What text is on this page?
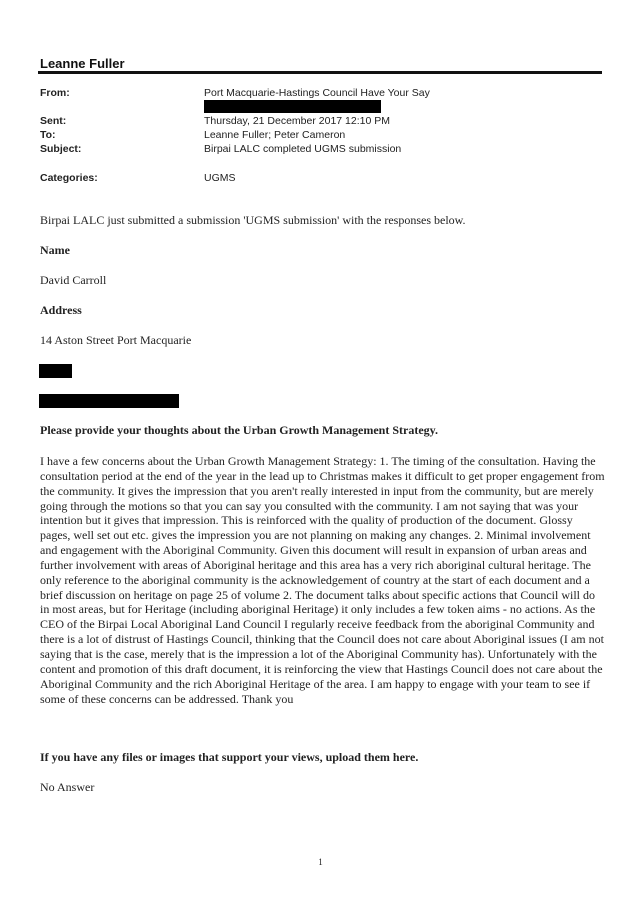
Leanne Fuller
From:	Port Macquarie-Hastings Council Have Your Say
Sent:	Thursday, 21 December 2017 12:10 PM
To:	Leanne Fuller; Peter Cameron
Subject:	Birpai LALC completed UGMS submission
Categories:	UGMS
Birpai LALC just submitted a submission 'UGMS submission' with the responses below.
Name
David Carroll
Address
14 Aston Street Port Macquarie
Please provide your thoughts about the Urban Growth Management Strategy.
I have a few concerns about the Urban Growth Management Strategy: 1. The timing of the consultation. Having the consultation period at the end of the year in the lead up to Christmas makes it difficult to get proper engagement from the community. It gives the impression that you aren't really interested in input from the community, but are merely going through the motions so that you can say you consulted with the community. I am not saying that was your intention but it gives that impression. This is reinforced with the quality of production of the document. Glossy pages, well set out etc. gives the impression you are not planning on making any changes. 2. Minimal involvement and engagement with the Aboriginal Community. Given this document will result in expansion of urban areas and further involvement with areas of Aboriginal heritage and this area has a very rich aboriginal cultural heritage. The only reference to the aboriginal community is the acknowledgement of country at the start of each document and a brief discussion on heritage on page 25 of volume 2. The document talks about specific actions that Council will do in most areas, but for Heritage (including aboriginal Heritage) it only includes a few token aims - no actions. As the CEO of the Birpai Local Aboriginal Land Council I regularly receive feedback from the aboriginal Community and there is a lot of distrust of Hastings Council, thinking that the Council does not care about Aboriginal issues (I am not saying that is the case, merely that is the impression a lot of the Aboriginal Community has). Unfortunately with the content and promotion of this draft document, it is reinforcing the view that Hastings Council does not care about the Aboriginal Community and the rich Aboriginal Heritage of the area. I am happy to engage with your team to see if some of these concerns can be addressed. Thank you
If you have any files or images that support your views, upload them here.
No Answer
1
